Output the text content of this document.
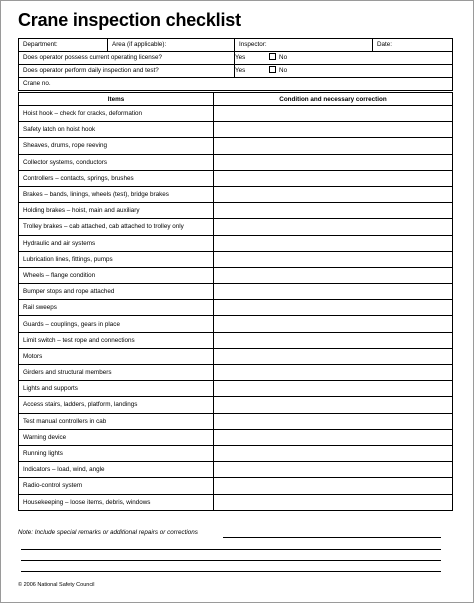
Crane inspection checklist
Department:	Area (if applicable):	Inspector:	Date:
Does operator possess current operating license?		Yes No	
Does operator perform daily inspection and test?		Yes No	
Crane no.			
Items	Condition and necessary correction
Hoist hook – check for cracks, deformation	
Safety latch on hoist hook	
Sheaves, drums, rope reeving	
Collector systems, conductors	
Controllers – contacts, springs, brushes	
Brakes – bands, linings, wheels (test), bridge brakes	
Holding brakes – hoist, main and auxiliary	
Trolley brakes – cab attached, cab attached to trolley only	
Hydraulic and air systems	
Lubrication lines, fittings, pumps	
Wheels – flange condition	
Bumper stops and rope attached	
Rail sweeps	
Guards – couplings, gears in place	
Limit switch – test rope and connections	
Motors	
Girders and structural members	
Lights and supports	
Access stairs, ladders, platform, landings	
Test manual controllers in cab	
Warning device	
Running lights	
Indicators – load, wind, angle	
Radio-control system	
Housekeeping – loose items, debris, windows	
Note: Include special remarks or additional repairs or corrections
© 2006 National Safety Council
